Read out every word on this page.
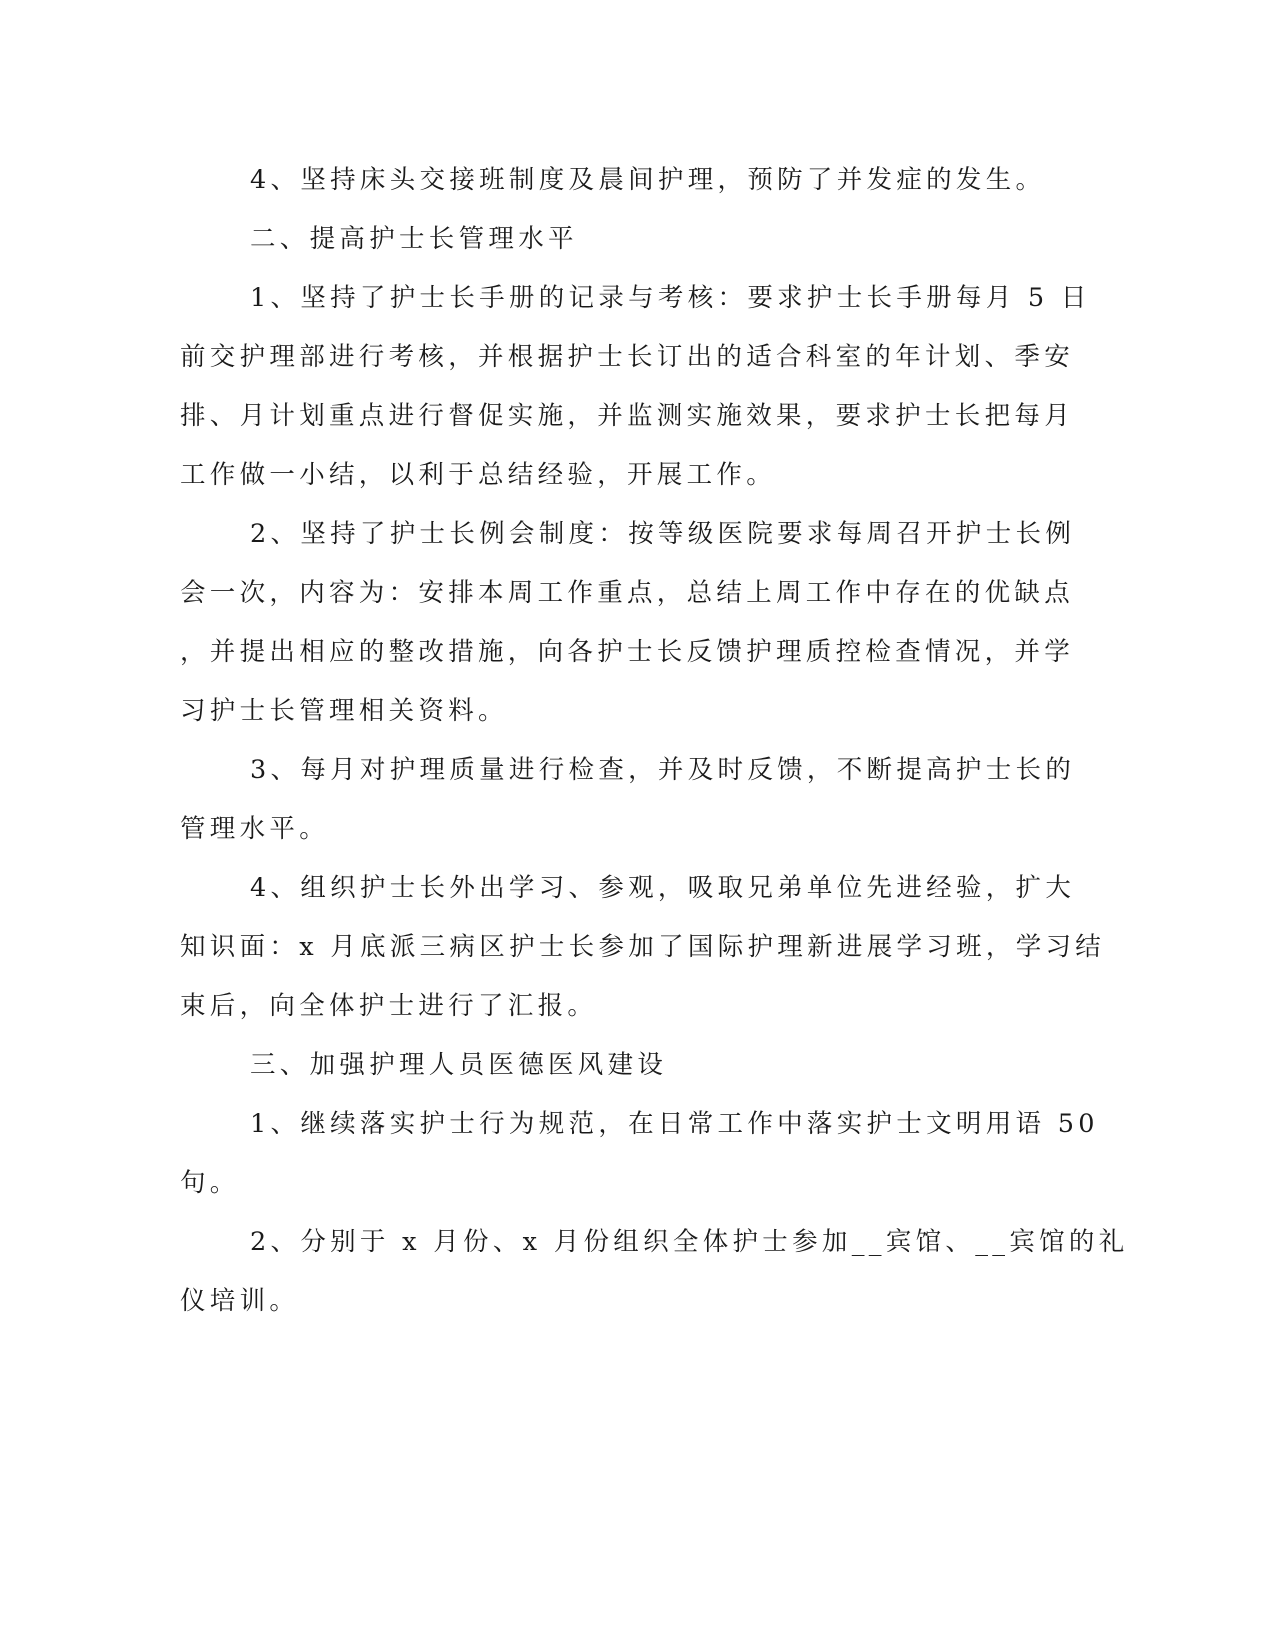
4、坚持床头交接班制度及晨间护理，预防了并发症的发生。
二、提高护士长管理水平
1、坚持了护士长手册的记录与考核：要求护士长手册每月 5 日
前交护理部进行考核，并根据护士长订出的适合科室的年计划、季安
排、月计划重点进行督促实施，并监测实施效果，要求护士长把每月
工作做一小结，以利于总结经验，开展工作。
2、坚持了护士长例会制度：按等级医院要求每周召开护士长例
会一次，内容为：安排本周工作重点，总结上周工作中存在的优缺点
，并提出相应的整改措施，向各护士长反馈护理质控检查情况，并学
习护士长管理相关资料。
3、每月对护理质量进行检查，并及时反馈，不断提高护士长的
管理水平。
4、组织护士长外出学习、参观，吸取兄弟单位先进经验，扩大
知识面：x 月底派三病区护士长参加了国际护理新进展学习班，学习结
束后，向全体护士进行了汇报。
三、加强护理人员医德医风建设
1、继续落实护士行为规范，在日常工作中落实护士文明用语 50
句。
2、分别于 x 月份、x 月份组织全体护士参加__宾馆、__宾馆的礼
仪培训。
